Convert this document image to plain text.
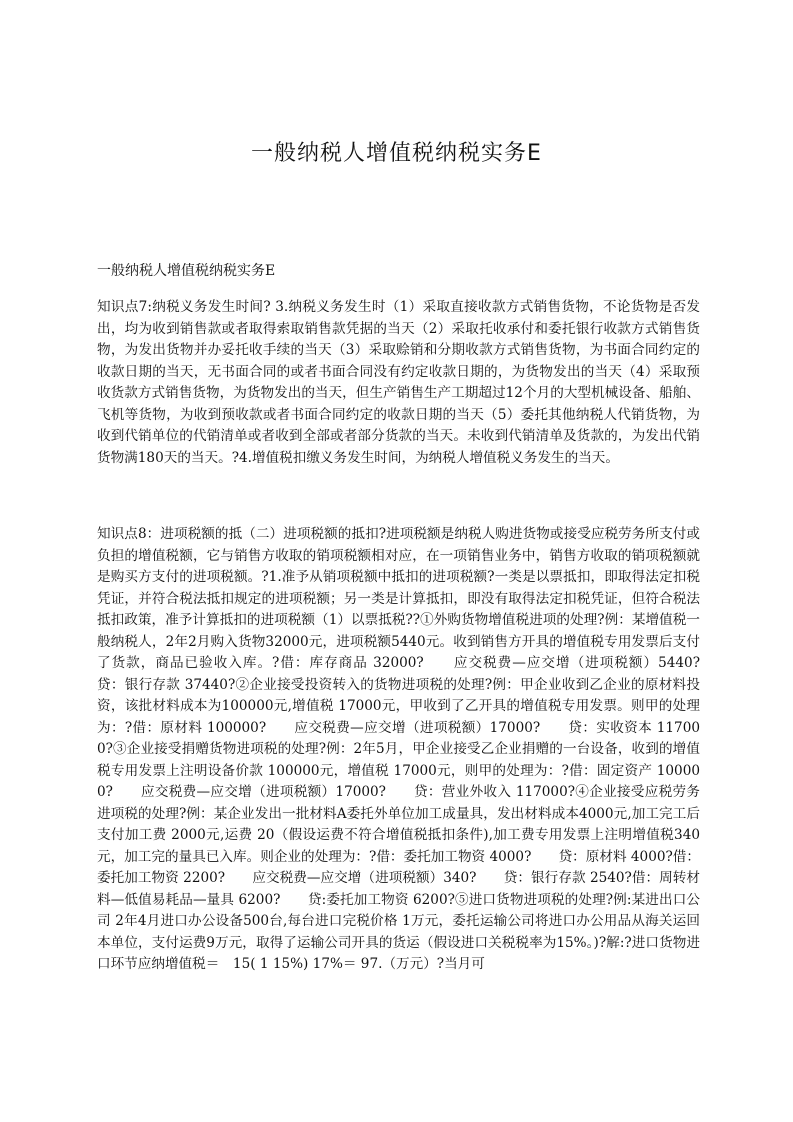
一般纳税人增值税纳税实务E

一般纳税人增值税纳税实务E

知识点7:纳税义务发生时间? 3.纳税义务发生时（1）采取直接收款方式销售货物，不论货物是否发出，均为收到销售款或者取得索取销售款凭据的当天（2）采取托收承付和委托银行收款方式销售货物，为发出货物并办妥托收手续的当天（3）采取赊销和分期收款方式销售货物，为书面合同约定的收款日期的当天，无书面合同的或者书面合同没有约定收款日期的，为货物发出的当天（4）采取预收货款方式销售货物，为货物发出的当天，但生产销售生产工期超过12个月的大型机械设备、船舶、飞机等货物，为收到预收款或者书面合同约定的收款日期的当天（5）委托其他纳税人代销货物，为收到代销单位的代销清单或者收到全部或者部分货款的当天。未收到代销清单及货款的，为发出代销货物满180天的当天。?4.增值税扣缴义务发生时间，为纳税人增值税义务发生的当天。

知识点8：进项税额的抵（二）进项税额的抵扣?进项税额是纳税人购进货物或接受应税劳务所支付或负担的增值税额，它与销售方收取的销项税额相对应，在一项销售业务中，销售方收取的销项税额就是购买方支付的进项税额。?1.准予从销项税额中抵扣的进项税额?一类是以票抵扣，即取得法定扣税凭证，并符合税法抵扣规定的进项税额；另一类是计算抵扣，即没有取得法定扣税凭证，但符合税法抵扣政策，准予计算抵扣的进项税额（1）以票抵税??①外购货物增值税进项的处理?例：某增值税一般纳税人，2年2月购入货物32000元，进项税额5440元。收到销售方开具的增值税专用发票后支付了货款，商品已验收入库。?借：库存商品 32000?　　应交税费—应交增（进项税额）5440?　　贷：银行存款 37440?②企业接受投资转入的货物进项税的处理?例：甲企业收到乙企业的原材料投资，该批材料成本为100000元,增值税 17000元，甲收到了乙开具的增值税专用发票。则甲的处理为：?借：原材料 100000?　　应交税费—应交增（进项税额）17000?　　贷：实收资本 117000?③企业接受捐赠货物进项税的处理?例：2年5月，甲企业接受乙企业捐赠的一台设备，收到的增值税专用发票上注明设备价款 100000元，增值税 17000元，则甲的处理为：?借：固定资产 100000?　　应交税费—应交增（进项税额）17000?　　贷：营业外收入 117000?④企业接受应税劳务进项税的处理?例：某企业发出一批材料A委托外单位加工成量具，发出材料成本4000元,加工完工后支付加工费 2000元,运费 20（假设运费不符合增值税抵扣条件),加工费专用发票上注明增值税340元，加工完的量具已入库。则企业的处理为：?借：委托加工物资 4000?　　贷：原材料 4000?借：委托加工物资 2200?　　应交税费—应交增（进项税额）340?　　贷：银行存款 2540?借：周转材料—低值易耗品—量具 6200?　　贷:委托加工物资 6200?⑤进口货物进项税的处理?例:某进出口公司 2年4月进口办公设备500台,每台进口完税价格 1万元，委托运输公司将进口办公用品从海关运回本单位，支付运费9万元，取得了运输公司开具的货运（假设进口关税税率为15%。)?解:?进口货物进口环节应纳增值税＝　15( 1 15%) 17%＝ 97.（万元）?当月可
